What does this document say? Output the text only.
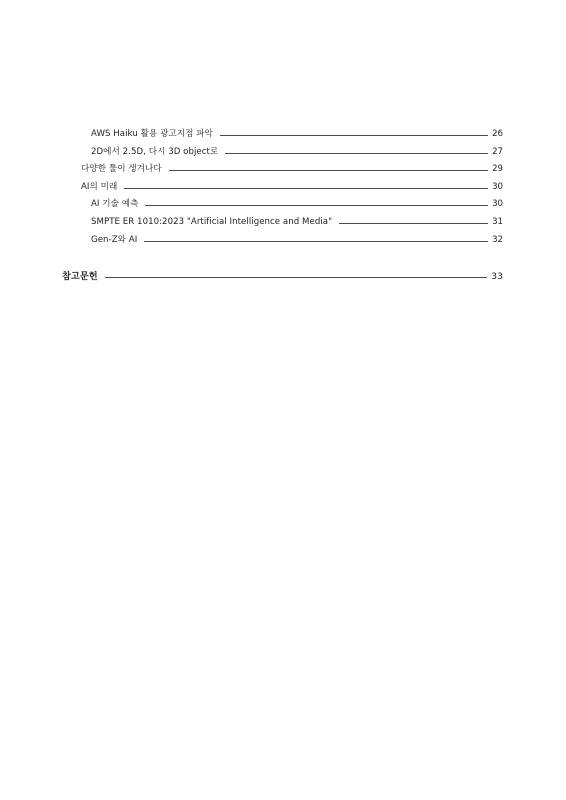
AWS Haiku 활용 광고지점 파악	26
2D에서 2.5D, 다시 3D object로	27
다양한 툴이 생겨나다	29
AI의 미래	30
AI 기술 예측	30
SMPTE ER 1010:2023 "Artificial Intelligence and Media"	31
Gen-Z와 AI	32
참고문헌	33
